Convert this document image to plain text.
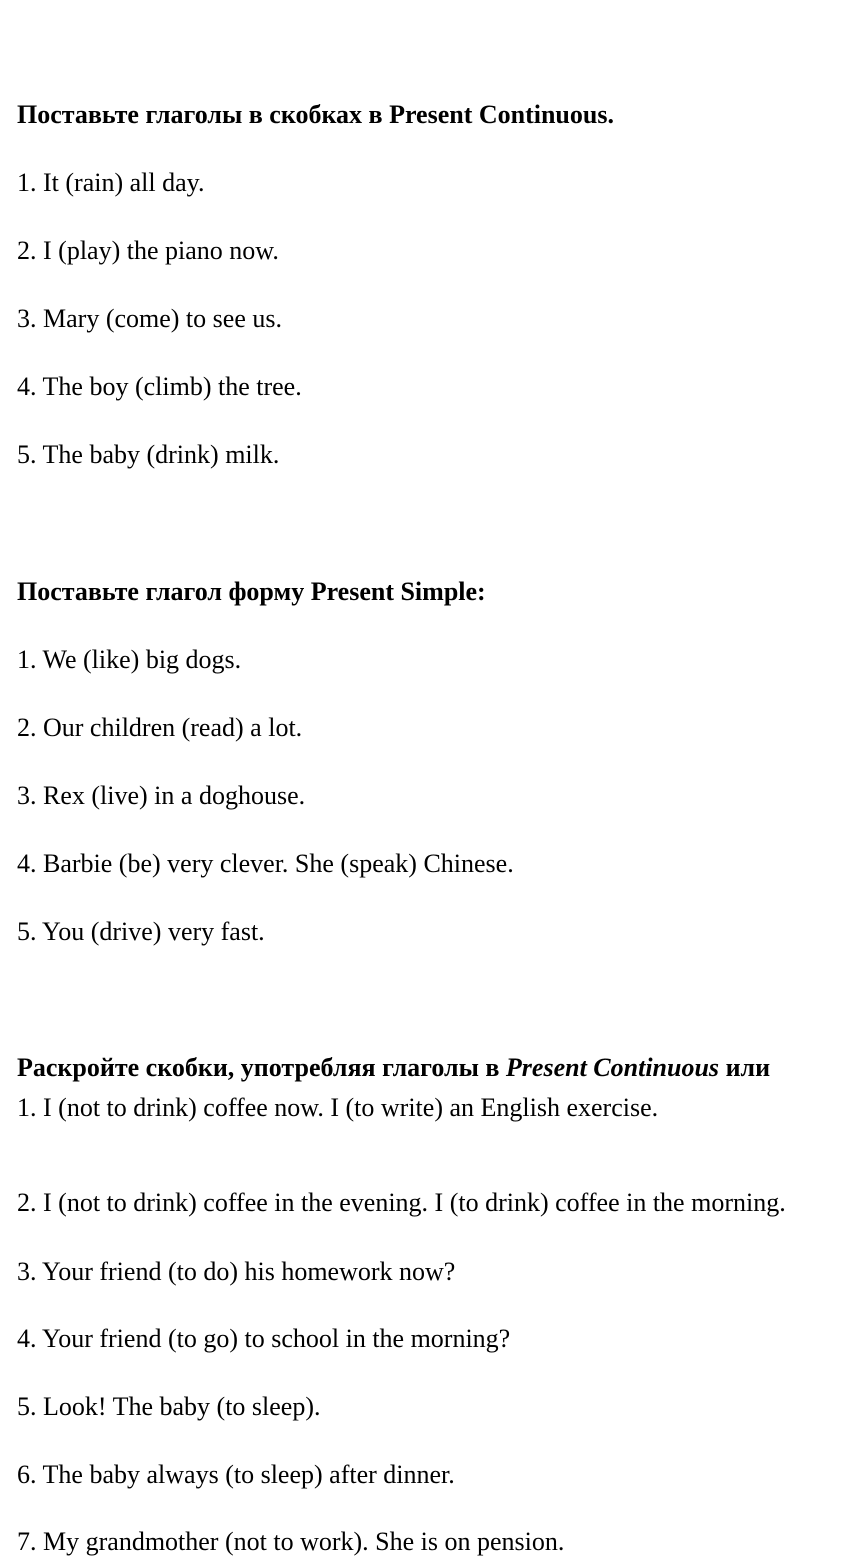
Поставьте глаголы в скобках в Present Continuous.
1. It (rain) all day.
2. I (play) the piano now.
3. Mary (come) to see us.
4. The boy (climb) the tree.
5. The baby (drink) milk.
Поставьте глагол форму Present Simple:
1. We (like) big dogs.
2. Our children (read) a lot.
3. Rex (live) in a doghouse.
4. Barbie (be) very clever. She (speak) Chinese.
5. You (drive) very fast.
Раскройте скобки, употребляя глаголы в Present Continuous или
1. I (not to drink) coffee now. I (to write) an English exercise.
2. I (not to drink) coffee in the evening. I (to drink) coffee in the morning.
3. Your friend (to do) his homework now?
4. Your friend (to go) to school in the morning?
5. Look! The baby (to sleep).
6. The baby always (to sleep) after dinner.
7. My grandmother (not to work). She is on pension.
